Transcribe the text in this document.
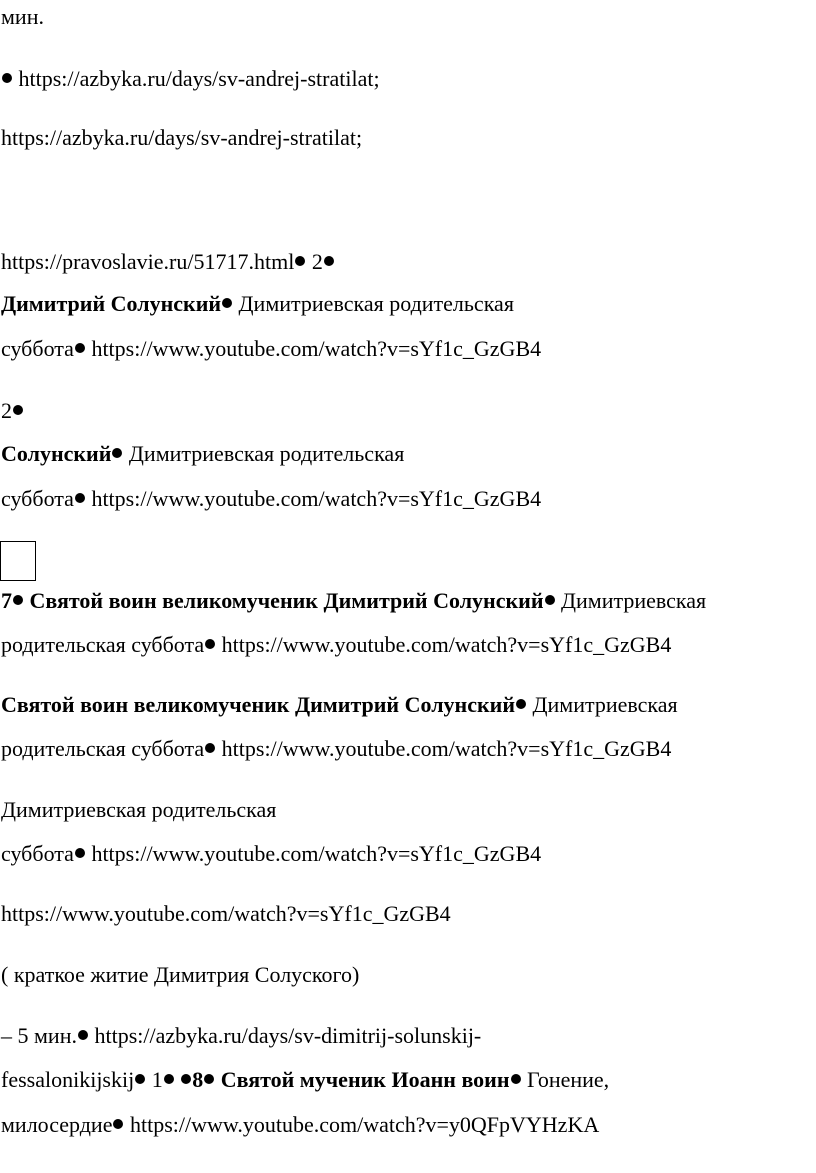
мин.
https://azbyka.ru/days/sv-andrej-stratilat;
https://azbyka.ru/days/sv-andrej-stratilat;
https://pravoslavie.ru/51717.html 2
Димитрий Солунский Димитриевская родительская
суббота https://www.youtube.com/watch?v=sYf1c_GzGB4
2
Солунский Димитриевская родительская
суббота https://www.youtube.com/watch?v=sYf1c_GzGB4
7 Святой воин великомученик Димитрий Солунский Димитриевская
родительская суббота https://www.youtube.com/watch?v=sYf1c_GzGB4
Святой воин великомученик Димитрий Солунский Димитриевская
родительская суббота https://www.youtube.com/watch?v=sYf1c_GzGB4
Димитриевская родительская
суббота https://www.youtube.com/watch?v=sYf1c_GzGB4
https://www.youtube.com/watch?v=sYf1c_GzGB4
( краткое житие Димитрия Солуского)
– 5 мин. https://azbyka.ru/days/sv-dimitrij-solunskij-
fessalonikijskij 1 8 Святой мученик Иоанн воин Гонение,
милосердие https://www.youtube.com/watch?v=y0QFpVYHzKA
